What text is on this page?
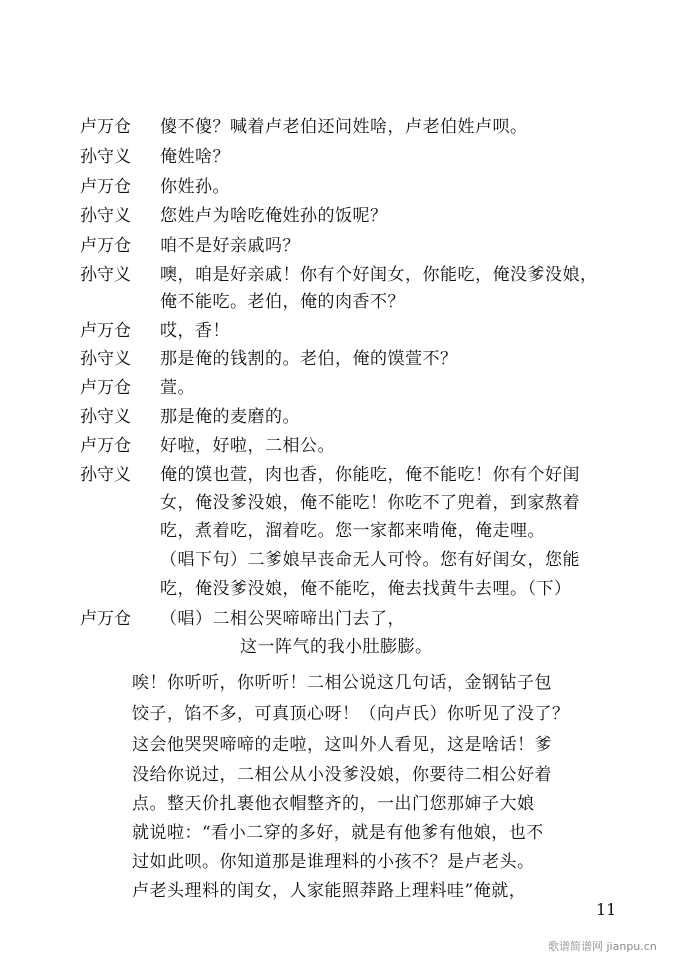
卢万仓	傻不傻？喊着卢老伯还问姓啥，卢老伯姓卢呗。
孙守义	俺姓啥？
卢万仓	你姓孙。
孙守义	您姓卢为啥吃俺姓孙的饭呢？
卢万仓	咱不是好亲戚吗？
孙守义	噢，咱是好亲戚！你有个好闺女，你能吃，俺没爹没娘，
俺不能吃。老伯，俺的肉香不？
卢万仓	哎，香！
孙守义	那是俺的钱割的。老伯，俺的馍萱不？
卢万仓	萱。
孙守义	那是俺的麦磨的。
卢万仓	好啦，好啦，二相公。
孙守义	俺的馍也萱，肉也香，你能吃，俺不能吃！你有个好闺
女，俺没爹没娘，俺不能吃！你吃不了兜着，到家熬着
吃，煮着吃，溜着吃。您一家都来啃俺，俺走哩。
（唱下句）二爹娘早丧命无人可怜。您有好闺女，您能
吃，俺没爹没娘，俺不能吃，俺去找黄牛去哩。（下）
卢万仓	（唱）二相公哭啼啼出门去了，
这一阵气的我小肚膨膨。
唉！你听听，你听听！二相公说这几句话，金钢钻子包
饺子，馅不多，可真顶心呀！（向卢氏）你听见了没了？
这会他哭哭啼啼的走啦，这叫外人看见，这是啥话！爹
没给你说过，二相公从小没爹没娘，你要待二相公好着
点。整天价扎裹他衣帽整齐的，一出门您那婶子大娘
就说啦：“看小二穿的多好，就是有他爹有他娘，也不
过如此呗。你知道那是谁理料的小孩不？是卢老头。
卢老头理料的闺女，人家能照莽路上理料哇”俺就，
11
歌谱简谱网 jianpu.cn
